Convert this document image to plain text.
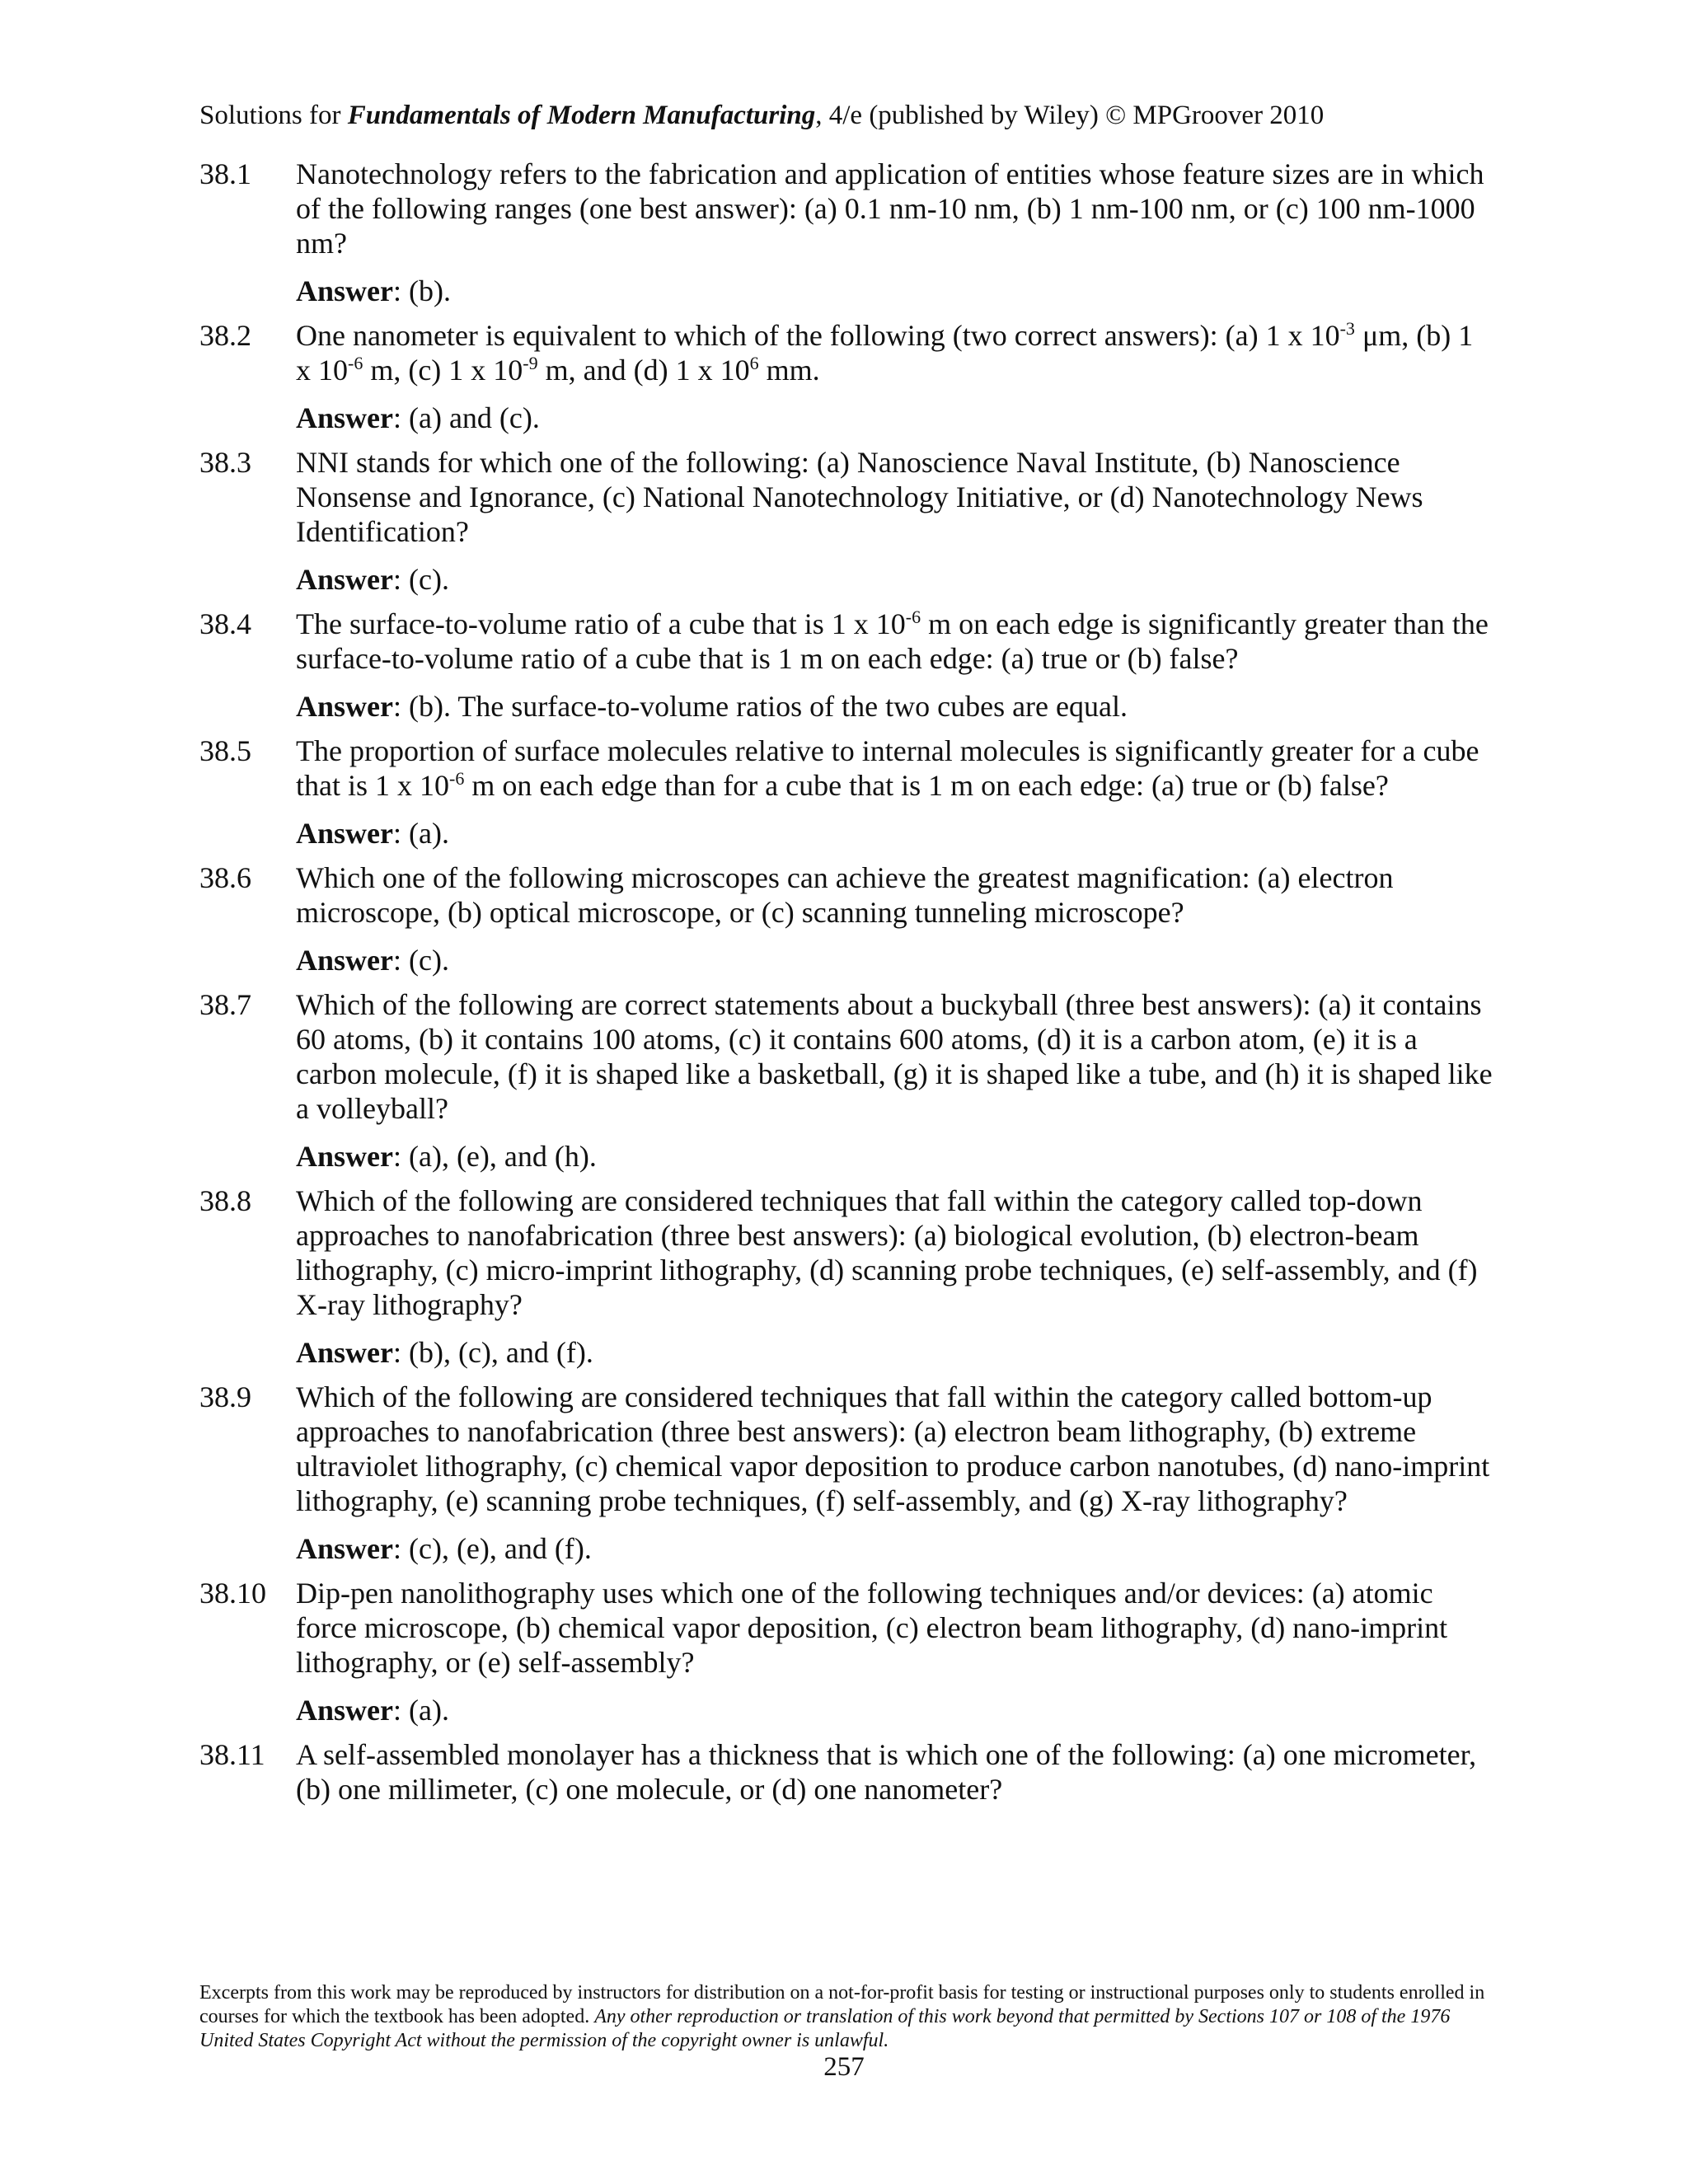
Solutions for Fundamentals of Modern Manufacturing, 4/e (published by Wiley) © MPGroover 2010
38.1 Nanotechnology refers to the fabrication and application of entities whose feature sizes are in which of the following ranges (one best answer): (a) 0.1 nm-10 nm, (b) 1 nm-100 nm, or (c) 100 nm-1000 nm?
Answer: (b).
38.2 One nanometer is equivalent to which of the following (two correct answers): (a) 1 x $10^{-3}$ μm, (b) 1 x $10^{-6}$ m, (c) 1 x $10^{-9}$ m, and (d) 1 x $10^6$ mm.
Answer: (a) and (c).
38.3 NNI stands for which one of the following: (a) Nanoscience Naval Institute, (b) Nanoscience Nonsense and Ignorance, (c) National Nanotechnology Initiative, or (d) Nanotechnology News Identification?
Answer: (c).
38.4 The surface-to-volume ratio of a cube that is 1 x $10^{-6}$ m on each edge is significantly greater than the surface-to-volume ratio of a cube that is 1 m on each edge: (a) true or (b) false?
Answer: (b). The surface-to-volume ratios of the two cubes are equal.
38.5 The proportion of surface molecules relative to internal molecules is significantly greater for a cube that is 1 x $10^{-6}$ m on each edge than for a cube that is 1 m on each edge: (a) true or (b) false?
Answer: (a).
38.6 Which one of the following microscopes can achieve the greatest magnification: (a) electron microscope, (b) optical microscope, or (c) scanning tunneling microscope?
Answer: (c).
38.7 Which of the following are correct statements about a buckyball (three best answers): (a) it contains 60 atoms, (b) it contains 100 atoms, (c) it contains 600 atoms, (d) it is a carbon atom, (e) it is a carbon molecule, (f) it is shaped like a basketball, (g) it is shaped like a tube, and (h) it is shaped like a volleyball?
Answer: (a), (e), and (h).
38.8 Which of the following are considered techniques that fall within the category called top-down approaches to nanofabrication (three best answers): (a) biological evolution, (b) electron-beam lithography, (c) micro-imprint lithography, (d) scanning probe techniques, (e) self-assembly, and (f) X-ray lithography?
Answer: (b), (c), and (f).
38.9 Which of the following are considered techniques that fall within the category called bottom-up approaches to nanofabrication (three best answers): (a) electron beam lithography, (b) extreme ultraviolet lithography, (c) chemical vapor deposition to produce carbon nanotubes, (d) nano-imprint lithography, (e) scanning probe techniques, (f) self-assembly, and (g) X-ray lithography?
Answer: (c), (e), and (f).
38.10 Dip-pen nanolithography uses which one of the following techniques and/or devices: (a) atomic force microscope, (b) chemical vapor deposition, (c) electron beam lithography, (d) nano-imprint lithography, or (e) self-assembly?
Answer: (a).
38.11 A self-assembled monolayer has a thickness that is which one of the following: (a) one micrometer, (b) one millimeter, (c) one molecule, or (d) one nanometer?
Excerpts from this work may be reproduced by instructors for distribution on a not-for-profit basis for testing or instructional purposes only to students enrolled in courses for which the textbook has been adopted. Any other reproduction or translation of this work beyond that permitted by Sections 107 or 108 of the 1976 United States Copyright Act without the permission of the copyright owner is unlawful.
257
